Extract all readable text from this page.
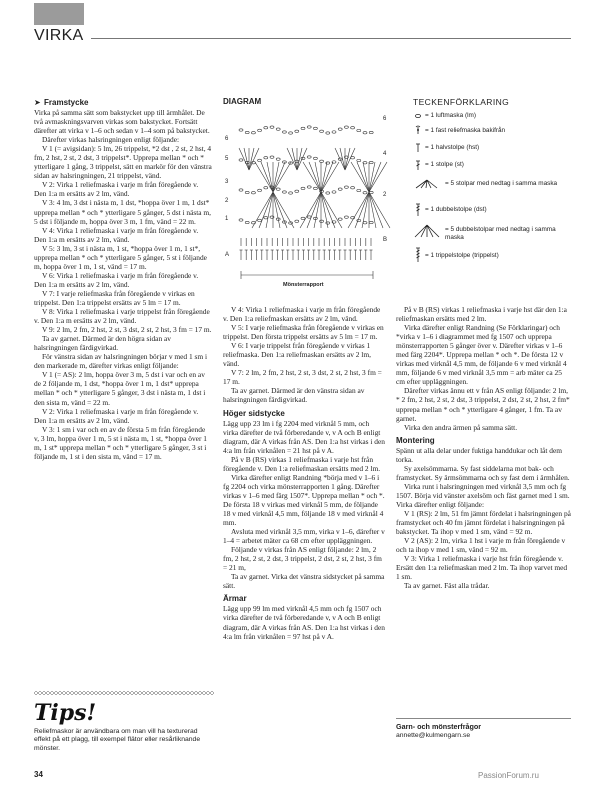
VIRKA
➤ Framstycke

Virka på samma sätt som bakstycket upp till ärmhålet. De två avmaskningsvarven virkas som bakstycket. Fortsätt därefter att virka v 1–6 och sedan v 1–4 som på bakstycket.

Därefter virkas halsringningen enligt följande:

V 1 (= avigsidan): 5 lm, 26 trippelst, *2 dst , 2 st, 2 hst, 4 fm, 2 hst, 2 st, 2 dst, 3 trippelst*. Upprepa mellan * och * ytterligare 1 gång, 3 trippelst, sätt en markör för den vänstra sidan av halsringningen, 21 trippelst, vänd.

V 2: Virka 1 reliefmaska i varje m från föregående v. Den 1:a m ersätts av 2 lm, vänd.

V 3: 4 lm, 3 dst i nästa m, 1 dst, *hoppa över 1 m, 1 dst* upprepa mellan * och * ytterligare 5 gånger, 5 dst i nästa m, 5 dst i följande m, hoppa över 3 m, 1 fm, vänd = 22 m.

V 4: Virka 1 reliefmaska i varje m från föregående v. Den 1:a m ersätts av 2 lm, vänd.

V 5: 3 lm, 3 st i nästa m, 1 st, *hoppa över 1 m, 1 st*, upprepa mellan * och * ytterligare 5 gånger, 5 st i följande m, hoppa över 1 m, 1 st, vänd = 17 m.

V 6: Virka 1 reliefmaska i varje m från föregående v. Den 1:a m ersätts av 2 lm, vänd.

V 7: I varje reliefmaska från föregående v virkas en trippelst. Den 1:a trippelst ersätts av 5 lm = 17 m.

V 8: Virka 1 reliefmaska i varje trippelst från föregående v. Den 1:a m ersätts av 2 lm, vänd.

V 9: 2 lm, 2 fm, 2 hst, 2 st, 3 dst, 2 st, 2 hst, 3 fm = 17 m.

Ta av garnet. Därmed är den högra sidan av halsringningen färdigvirkad.

För vänstra sidan av halsringningen börjar v med 1 sm i den markerade m, därefter virkas enligt följande:

V 1 (= AS): 2 lm, hoppa över 3 m, 5 dst i var och en av de 2 följande m, 1 dst, *hoppa över 1 m, 1 dst* upprepa mellan * och * ytterligare 5 gånger, 3 dst i nästa m, 1 dst i den sista m, vänd = 22 m.

V 2: Virka 1 reliefmaska i varje m från föregående v. Den 1:a m ersätts av 2 lm, vänd.

V 3: 1 sm i var och en av de första 5 m från föregående v, 3 lm, hoppa över 1 m, 5 st i nästa m, 1 st, *hoppa över 1 m, 1 st* upprepa mellan * och * ytterligare 5 gånger, 3 st i följande m, 1 st i den sista m, vänd = 17 m.

DIAGRAM
6
5
3
2
1
A
6
4
2
B
Mönsterrapport
TECKENFÖRKLARING
= 1 luftmaska (lm)
= 1 fast reliefmaska bakifrån
= 1 halvstolpe (hst)
= 1 stolpe (st)
= 5 stolpar med nedtag i samma maska
= 1 dubbelstolpe (dst)
= 5 dubbelstolpar med nedtag i samma maska
= 1 trippelstolpe (trippelst)

V 4: Virka 1 reliefmaska i varje m från föregående v. Den 1:a reliefmaskan ersätts av 2 lm, vänd.

V 5: I varje reliefmaska från föregående v virkas en trippelst. Den första trippelst ersätts av 5 lm = 17 m.

V 6: I varje trippelst från föregående v virkas 1 reliefmaska. Den 1:a reliefmaskan ersätts av 2 lm, vänd.

V 7: 2 lm, 2 fm, 2 hst, 2 st, 3 dst, 2 st, 2 hst, 3 fm = 17 m.

Ta av garnet. Därmed är den vänstra sidan av halsringningen färdigvirkad.

Höger sidstycke

Lägg upp 23 lm i fg 2204 med virknål 5 mm, och virka därefter de två förberedande v, v A och B enligt diagram, där A virkas från AS. Den 1:a hst virkas i den 4:a lm från virknålen = 21 hst på v A.

På v B (RS) virkas 1 reliefmaska i varje hst från föregående v. Den 1:a reliefmaskan ersätts med 2 lm.

Virka därefter enligt Randning *börja med v 1–6 i fg 2204 och virka mönsterrapporten 1 gång. Därefter virkas v 1–6 med färg 1507*. Upprepa mellan * och *. De första 18 v virkas med virknål 5 mm, de följande 18 v med virknål 4,5 mm, följande 18 v med virknål 4 mm.

Avsluta med virknål 3,5 mm, virka v 1–6, därefter v 1–4 = arbetet mäter ca 68 cm efter uppläggningen.

Följande v virkas från AS enligt följande: 2 lm, 2 fm, 2 hst, 2 st, 2 dst, 3 trippelst, 2 dst, 2 st, 2 hst, 3 fm = 21 m,

Ta av garnet. Virka det vänstra sidstycket på samma sätt.

Ärmar

Lägg upp 99 lm med virknål 4,5 mm och fg 1507 och virka därefter de två förberedande v, v A och B enligt diagram, där A virkas från AS. Den 1:a hst virkas i den 4:a lm från virknålen = 97 hst på v A.

På v B (RS) virkas 1 reliefmaska i varje hst där den 1:a reliefmaskan ersätts med 2 lm.

Virka därefter enligt Randning (Se Förklaringar) och *virka v 1–6 i diagrammet med fg 1507 och upprepa mönsterrapporten 5 gånger över v. Därefter virkas v 1–6 med färg 2204*. Upprepa mellan * och *. De första 12 v virkas med virknål 4,5 mm, de följande 6 v med virknål 4 mm, följande 6 v med virknål 3,5 mm = arb mäter ca 25 cm efter uppläggningen.

Därefter virkas ännu ett v från AS enligt följande: 2 lm, * 2 fm, 2 hst, 2 st, 2 dst, 3 trippelst, 2 dst, 2 st, 2 hst, 2 fm* upprepa mellan * och * ytterligare 4 gånger, 1 fm. Ta av garnet.

Virka den andra ärmen på samma sätt.

Montering

Spänn ut alla delar under fuktiga handdukar och låt dem torka.

Sy axelsömmarna. Sy fast siddelarna mot bak- och framstycket. Sy ärmsömmarna och sy fast dem i ärmhålen.

Virka runt i halsringningen med virknål 3,5 mm och fg 1507. Börja vid vänster axelsöm och fäst garnet med 1 sm. Virka därefter enligt följande:

V 1 (RS): 2 lm, 51 fm jämnt fördelat i halsringningen på framstycket och 40 fm jämnt fördelat i halsringningen på bakstycket. Ta ihop v med 1 sm, vänd = 92 m.

V 2 (AS): 2 lm, virka 1 hst i varje m från föregående v och ta ihop v med 1 sm, vänd = 92 m.

V 3: Virka 1 reliefmaska i varje hst från föregående v. Ersätt den 1:a reliefmaskan med 2 lm. Ta ihop varvet med 1 sm.

Ta av garnet. Fäst alla trådar.

Tips!
Reliefmaskor är användbara om man vill ha texturerad effekt på ett plagg, till exempel flätor eller resårliknande mönster.
Garn- och mönsterfrågor
annette@kulmengarn.se
34	PassionForum.ru
